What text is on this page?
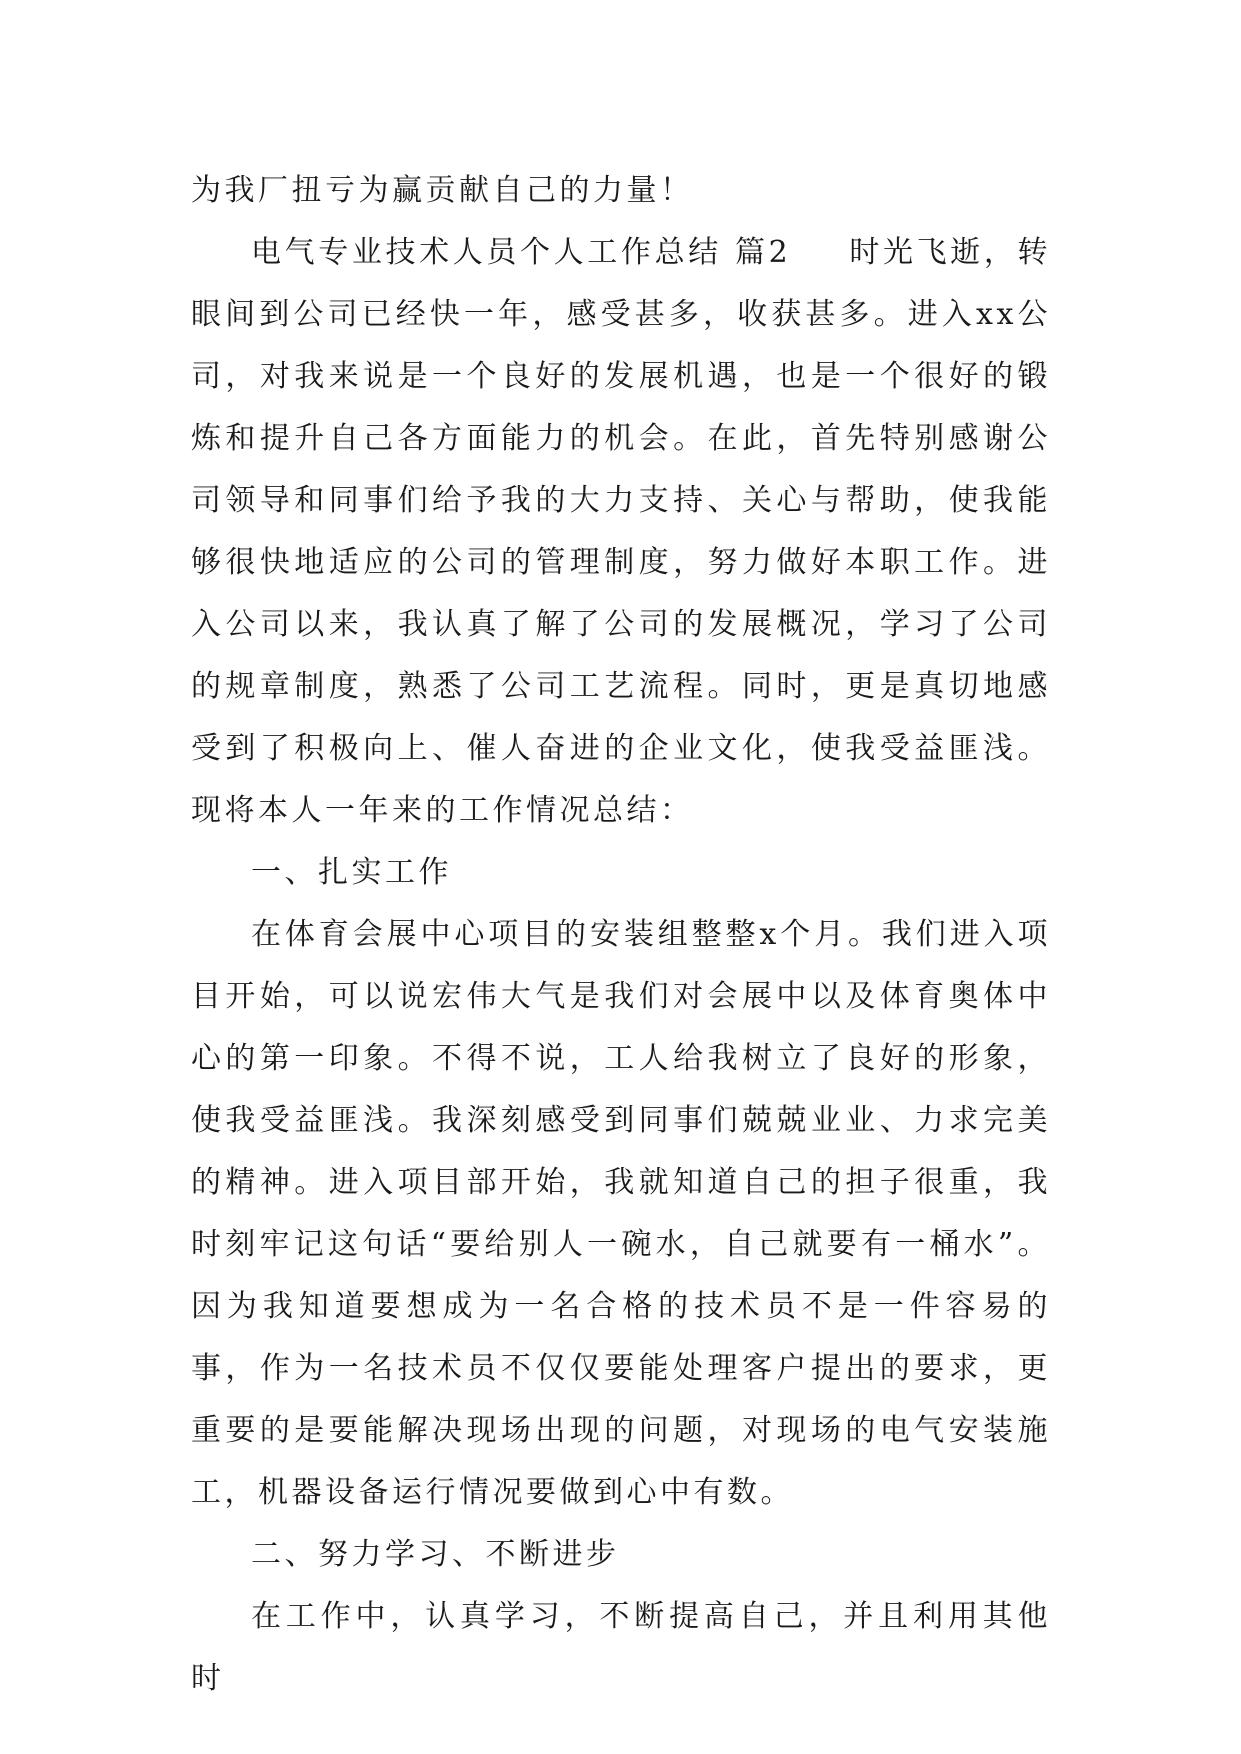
为我厂扭亏为赢贡献自己的力量！

电气专业技术人员个人工作总结 篇2 时光飞逝，转眼间到公司已经快一年，感受甚多，收获甚多。进入xx公司，对我来说是一个良好的发展机遇，也是一个很好的锻炼和提升自己各方面能力的机会。在此，首先特别感谢公司领导和同事们给予我的大力支持、关心与帮助，使我能够很快地适应的公司的管理制度，努力做好本职工作。进入公司以来，我认真了解了公司的发展概况，学习了公司的规章制度，熟悉了公司工艺流程。同时，更是真切地感受到了积极向上、催人奋进的企业文化，使我受益匪浅。现将本人一年来的工作情况总结：

一、扎实工作

在体育会展中心项目的安装组整整x个月。我们进入项目开始，可以说宏伟大气是我们对会展中以及体育奥体中心的第一印象。不得不说，工人给我树立了良好的形象，使我受益匪浅。我深刻感受到同事们兢兢业业、力求完美的精神。进入项目部开始，我就知道自己的担子很重，我时刻牢记这句话“要给别人一碗水，自己就要有一桶水”。因为我知道要想成为一名合格的技术员不是一件容易的事，作为一名技术员不仅仅要能处理客户提出的要求，更重要的是要能解决现场出现的问题，对现场的电气安装施工，机器设备运行情况要做到心中有数。

二、努力学习、不断进步

在工作中，认真学习，不断提高自己，并且利用其他时
